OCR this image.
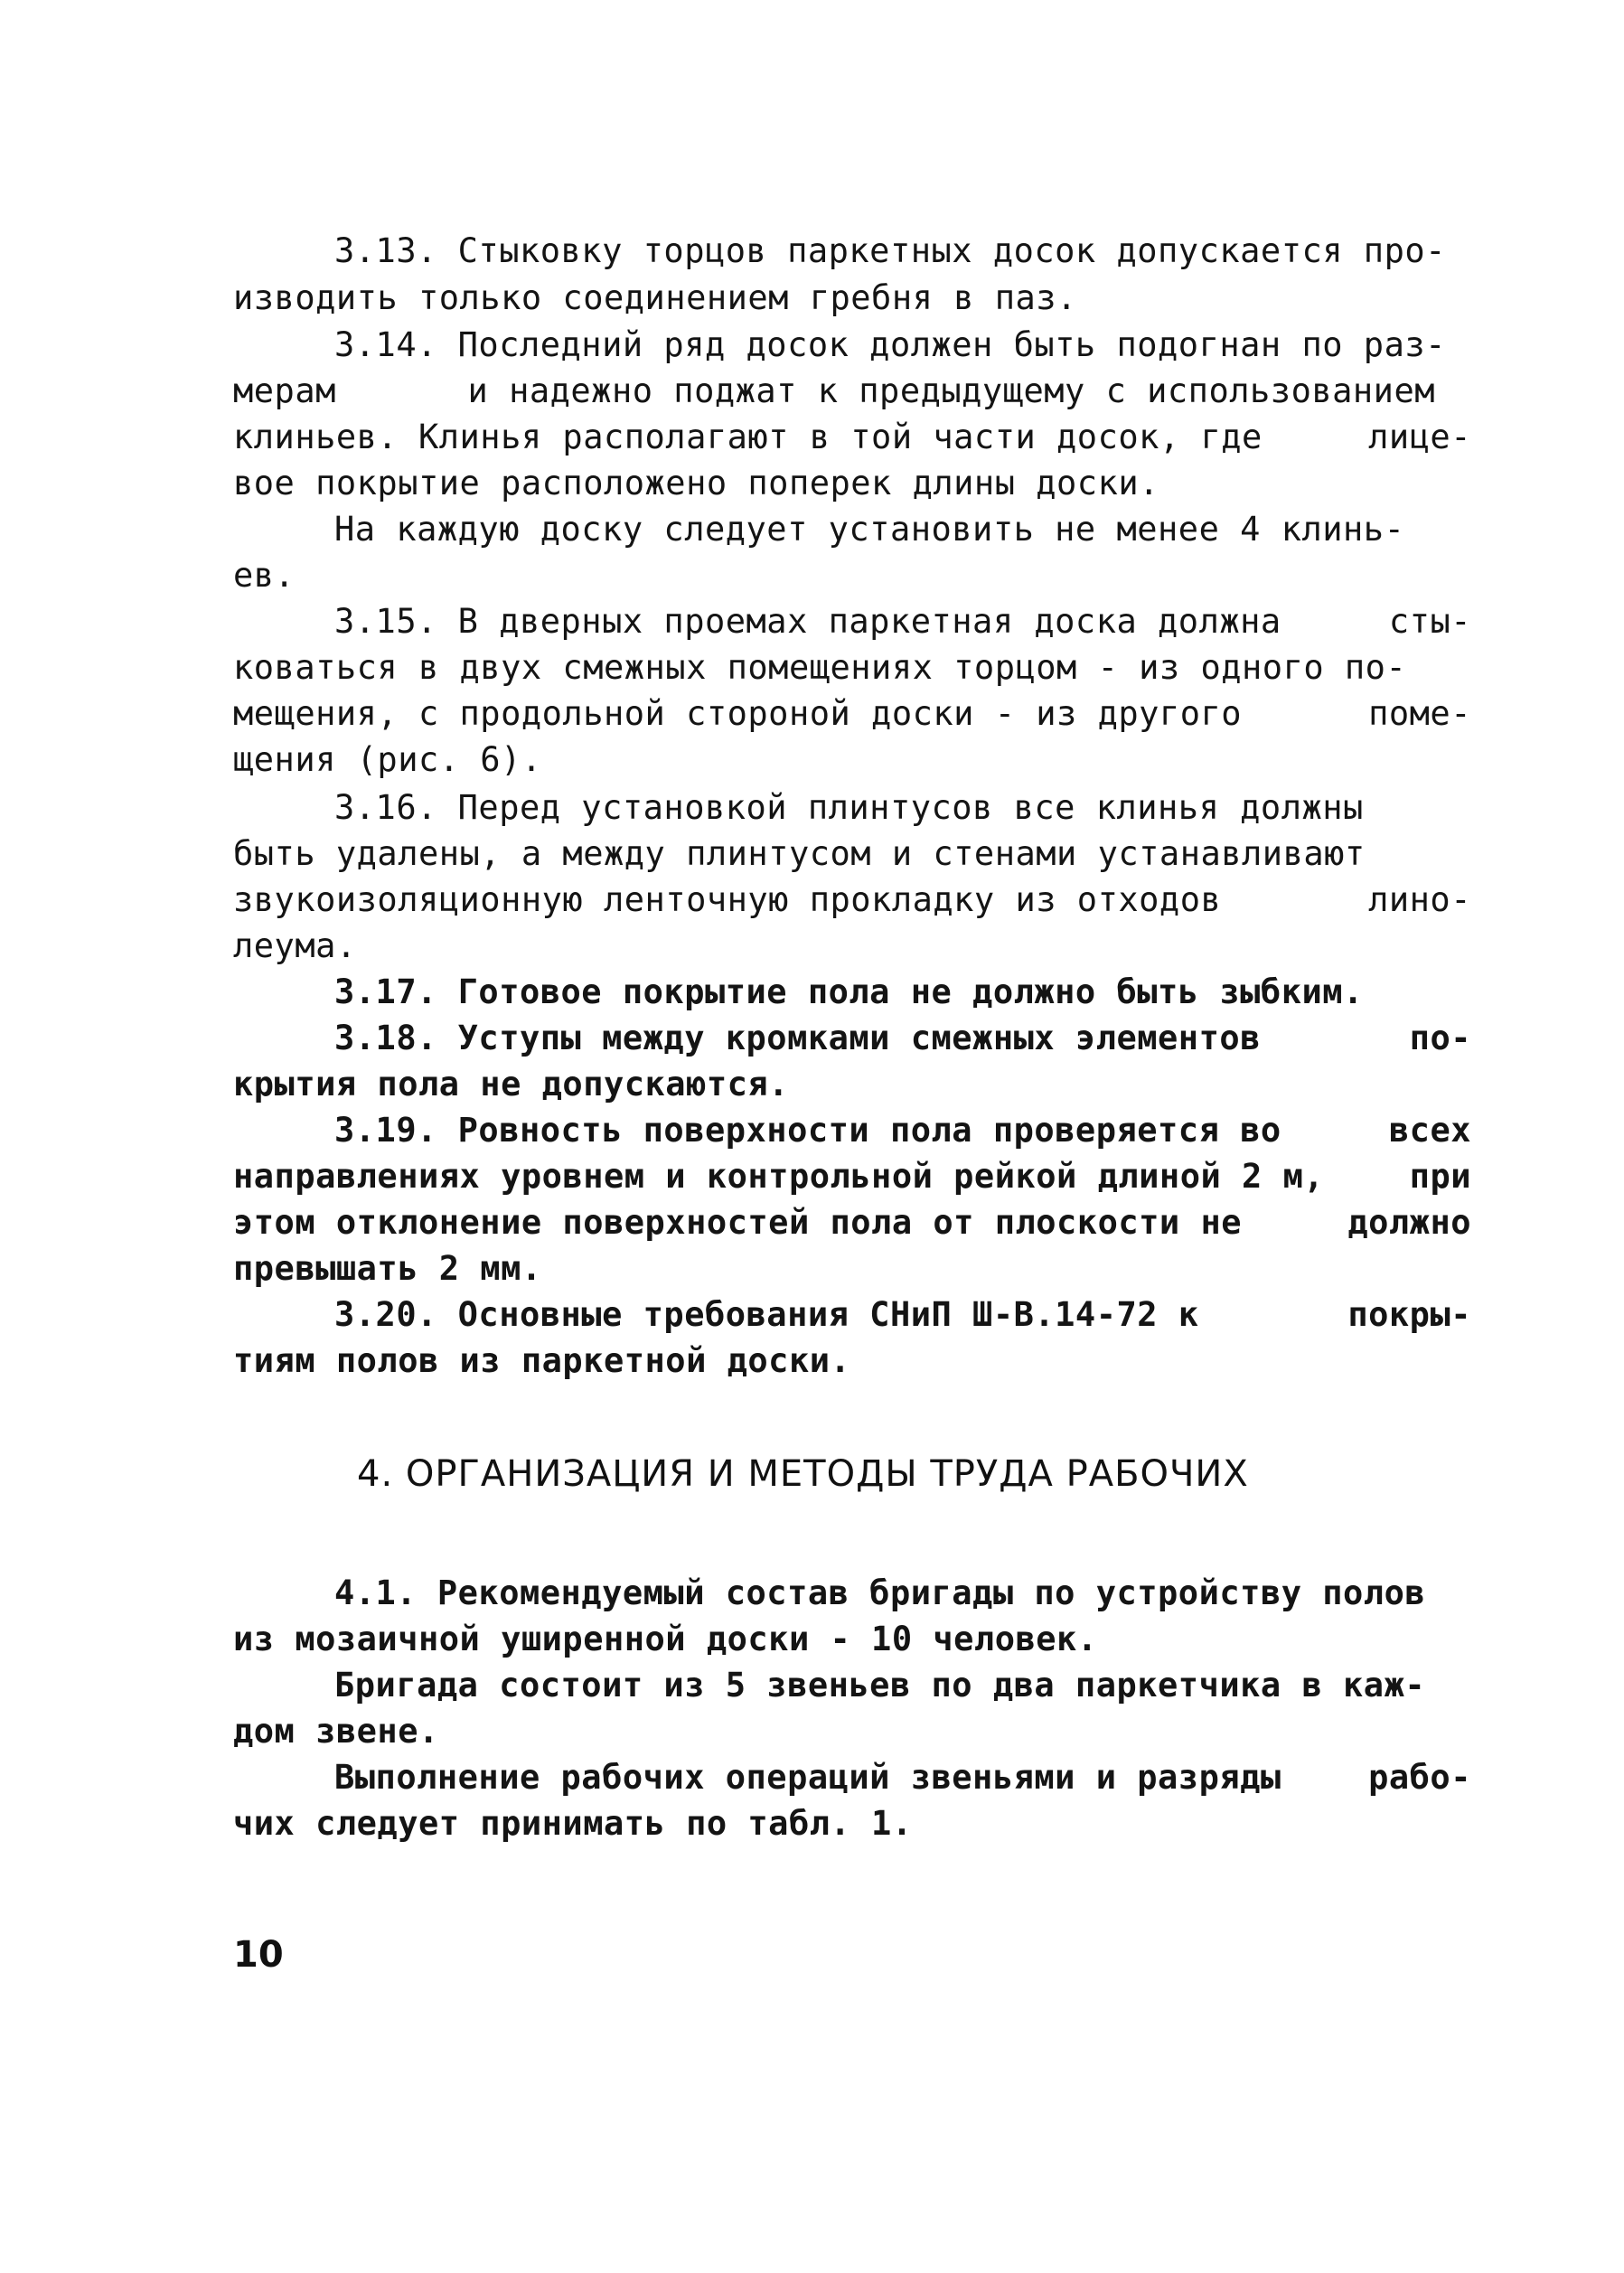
3.13. Стыковку торцов паркетных досок допускается про-
изводить только соединением гребня в паз.
3.14. Последний ряд досок должен быть подогнан по раз-
мерам	и надежно поджат к предыдущему с использованием
клиньев. Клинья располагают в той части досок, где	лице-
вое покрытие расположено поперек длины доски.
На каждую доску следует установить не менее 4 клинь-
ев.
3.15. В дверных проемах паркетная доска должна	сты-
коваться в двух смежных помещениях торцом - из одного по-
мещения, с продольной стороной доски - из другого	поме-
щения (рис. 6).
3.16. Перед установкой плинтусов все клинья должны
быть удалены, а между плинтусом и стенами устанавливают
звукоизоляционную ленточную прокладку из отходов	лино-
леума.
3.17. Готовое покрытие пола не должно быть зыбким.
3.18. Уступы между кромками смежных элементов	по-
крытия пола не допускаются.
3.19. Ровность поверхности пола проверяется во	всех
направлениях уровнем и контрольной рейкой длиной 2 м,	при
этом отклонение поверхностей пола от плоскости не	должно
превышать 2 мм.
3.20. Основные требования СНиП Ш-В.14-72 к	покры-
тиям полов из паркетной доски.
4. ОРГАНИЗАЦИЯ И МЕТОДЫ ТРУДА РАБОЧИХ
4.1. Рекомендуемый состав бригады по устройству полов
из мозаичной уширенной доски - 10 человек.
Бригада состоит из 5 звеньев по два паркетчика в каж-
дом звене.
Выполнение рабочих операций звеньями и разряды	рабо-
чих следует принимать по табл. 1.
10
